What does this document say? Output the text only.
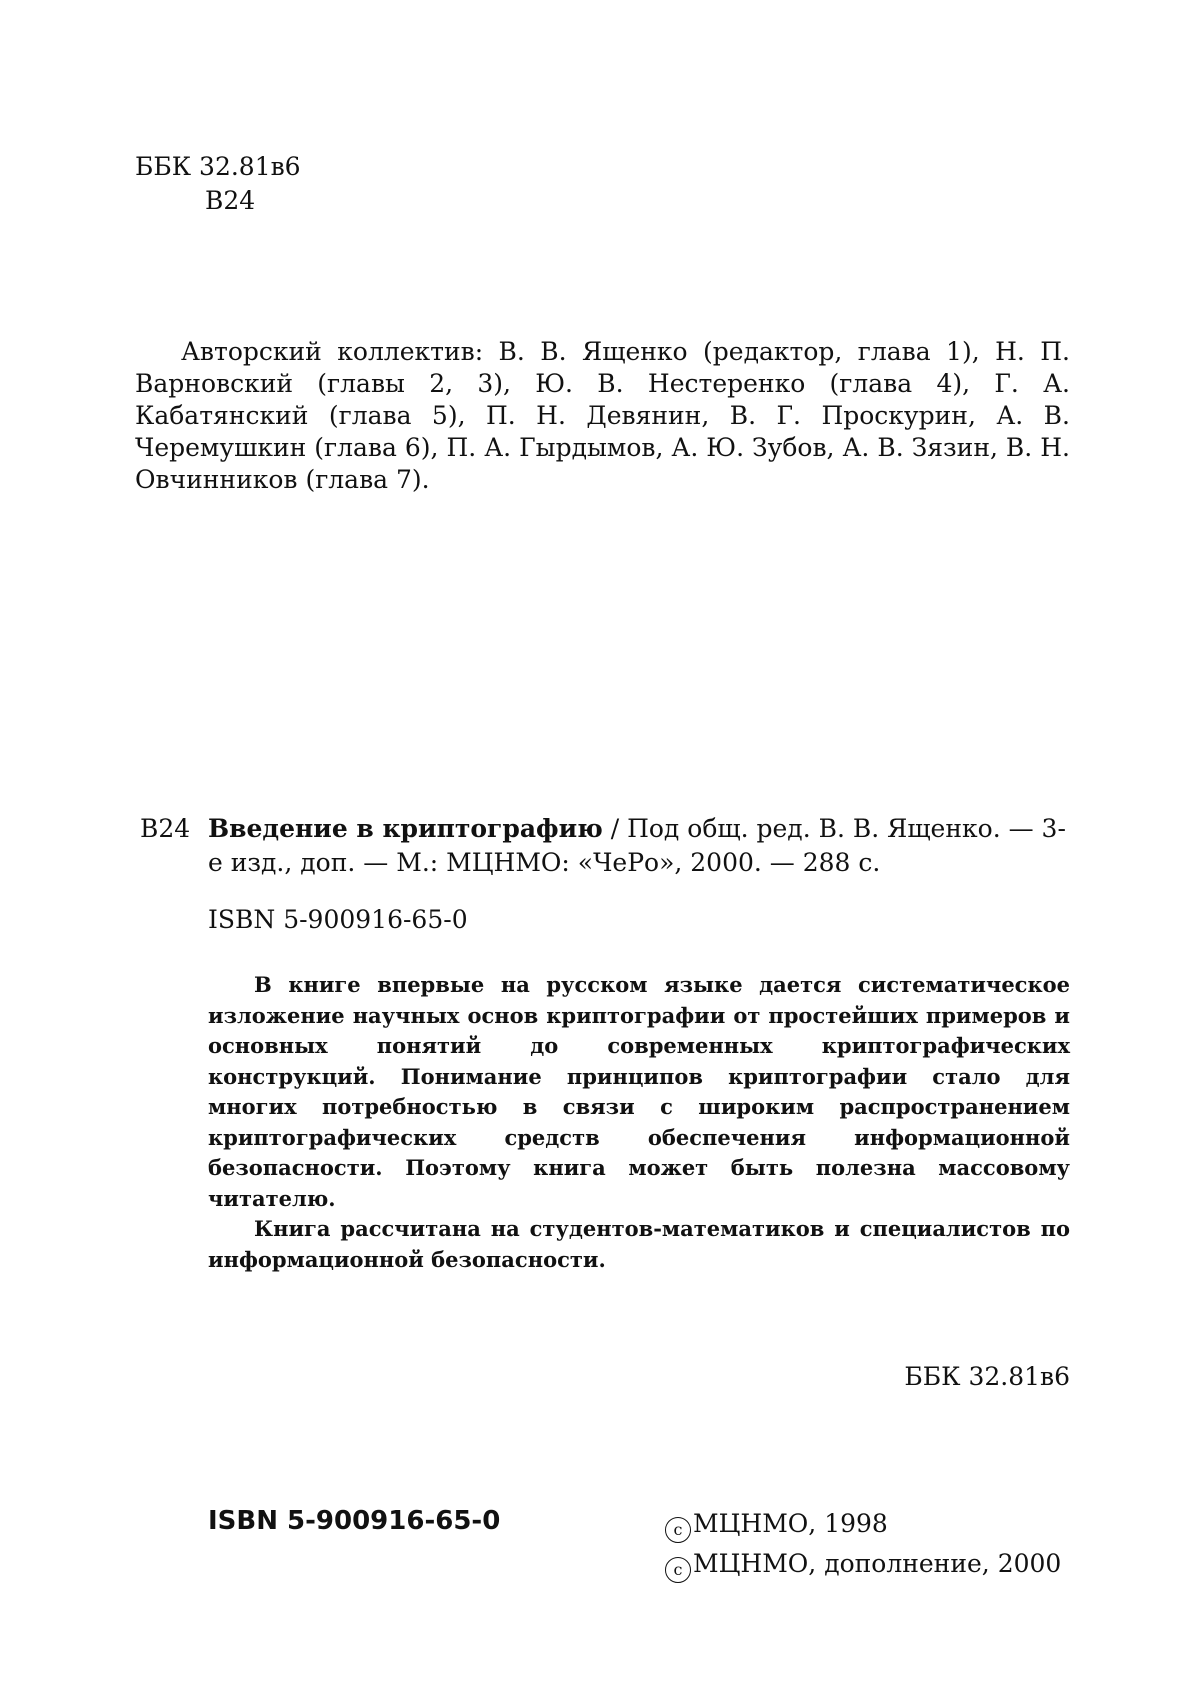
ББК 32.81в6
В24

Авторский коллектив: В. В. Ященко (редактор, глава 1), Н. П. Варновский (главы 2, 3), Ю. В. Нестеренко (глава 4), Г. А. Кабатянский (глава 5), П. Н. Девянин, В. Г. Проскурин, А. В. Черемушкин (глава 6), П. А. Гырдымов, А. Ю. Зубов, А. В. Зязин, В. Н. Овчинников (глава 7).

В24 Введение в криптографию / Под общ. ред. В. В. Ященко. — 3-е изд., доп. — М.: МЦНМО: «ЧеРо», 2000. — 288 с.
ISBN 5-900916-65-0

В книге впервые на русском языке дается систематическое изложение научных основ криптографии от простейших примеров и основных понятий до современных криптографических конструкций. Понимание принципов криптографии стало для многих потребностью в связи с широким распространением криптографических средств обеспечения информационной безопасности. Поэтому книга может быть полезна массовому читателю.

Книга рассчитана на студентов-математиков и специалистов по информационной безопасности.

ББК 32.81в6
ISBN 5-900916-65-0	c МЦНМО, 1998
c МЦНМО, дополнение, 2000
